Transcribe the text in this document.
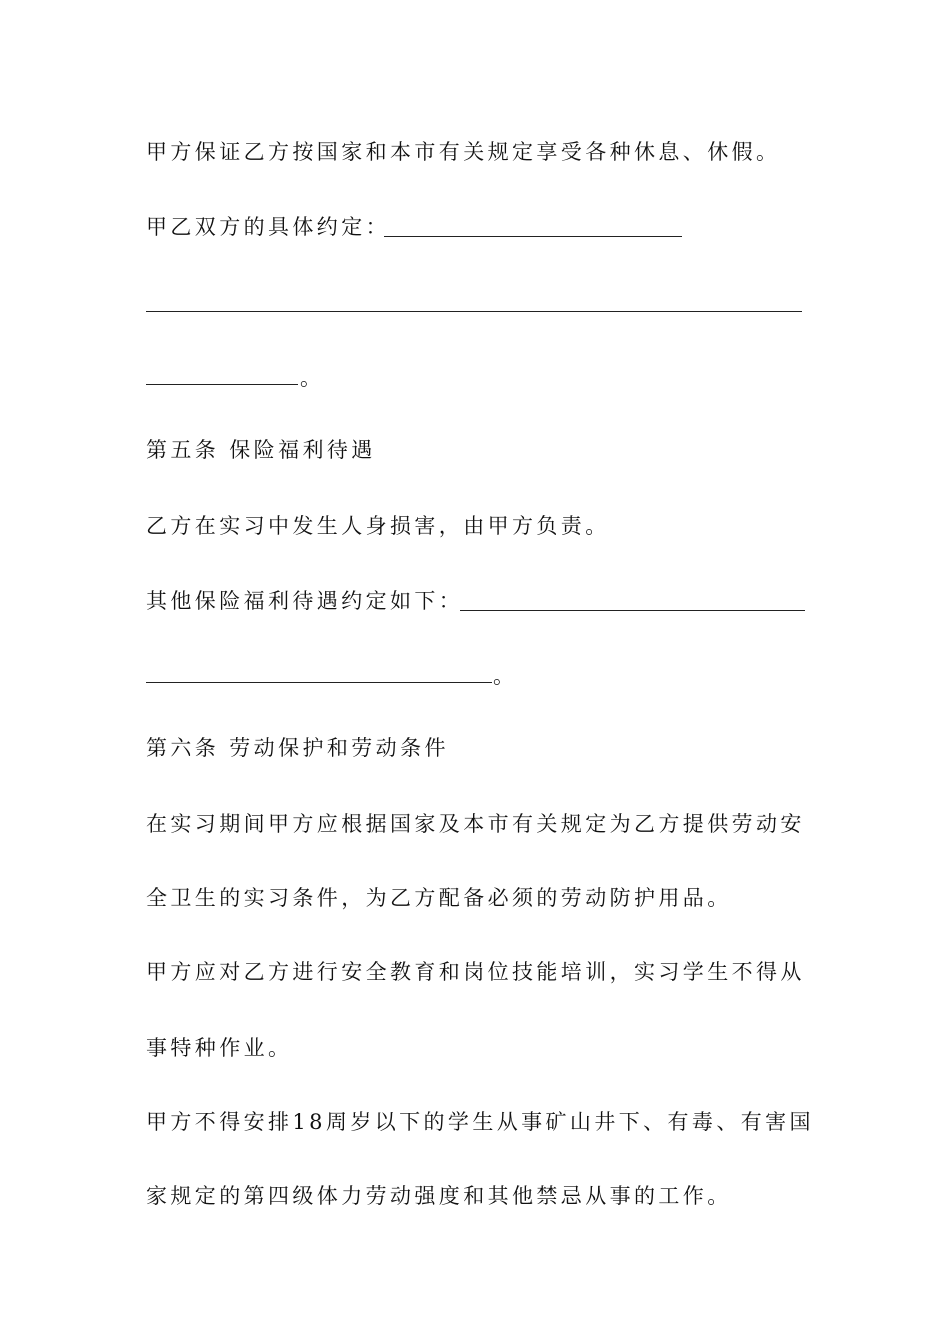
甲方保证乙方按国家和本市有关规定享受各种休息、休假。
甲乙双方的具体约定：
。
第五条 保险福利待遇
乙方在实习中发生人身损害，由甲方负责。
其他保险福利待遇约定如下：
。
第六条 劳动保护和劳动条件
在实习期间甲方应根据国家及本市有关规定为乙方提供劳动安
全卫生的实习条件，为乙方配备必须的劳动防护用品。
甲方应对乙方进行安全教育和岗位技能培训，实习学生不得从
事特种作业。
甲方不得安排18周岁以下的学生从事矿山井下、有毒、有害国
家规定的第四级体力劳动强度和其他禁忌从事的工作。
